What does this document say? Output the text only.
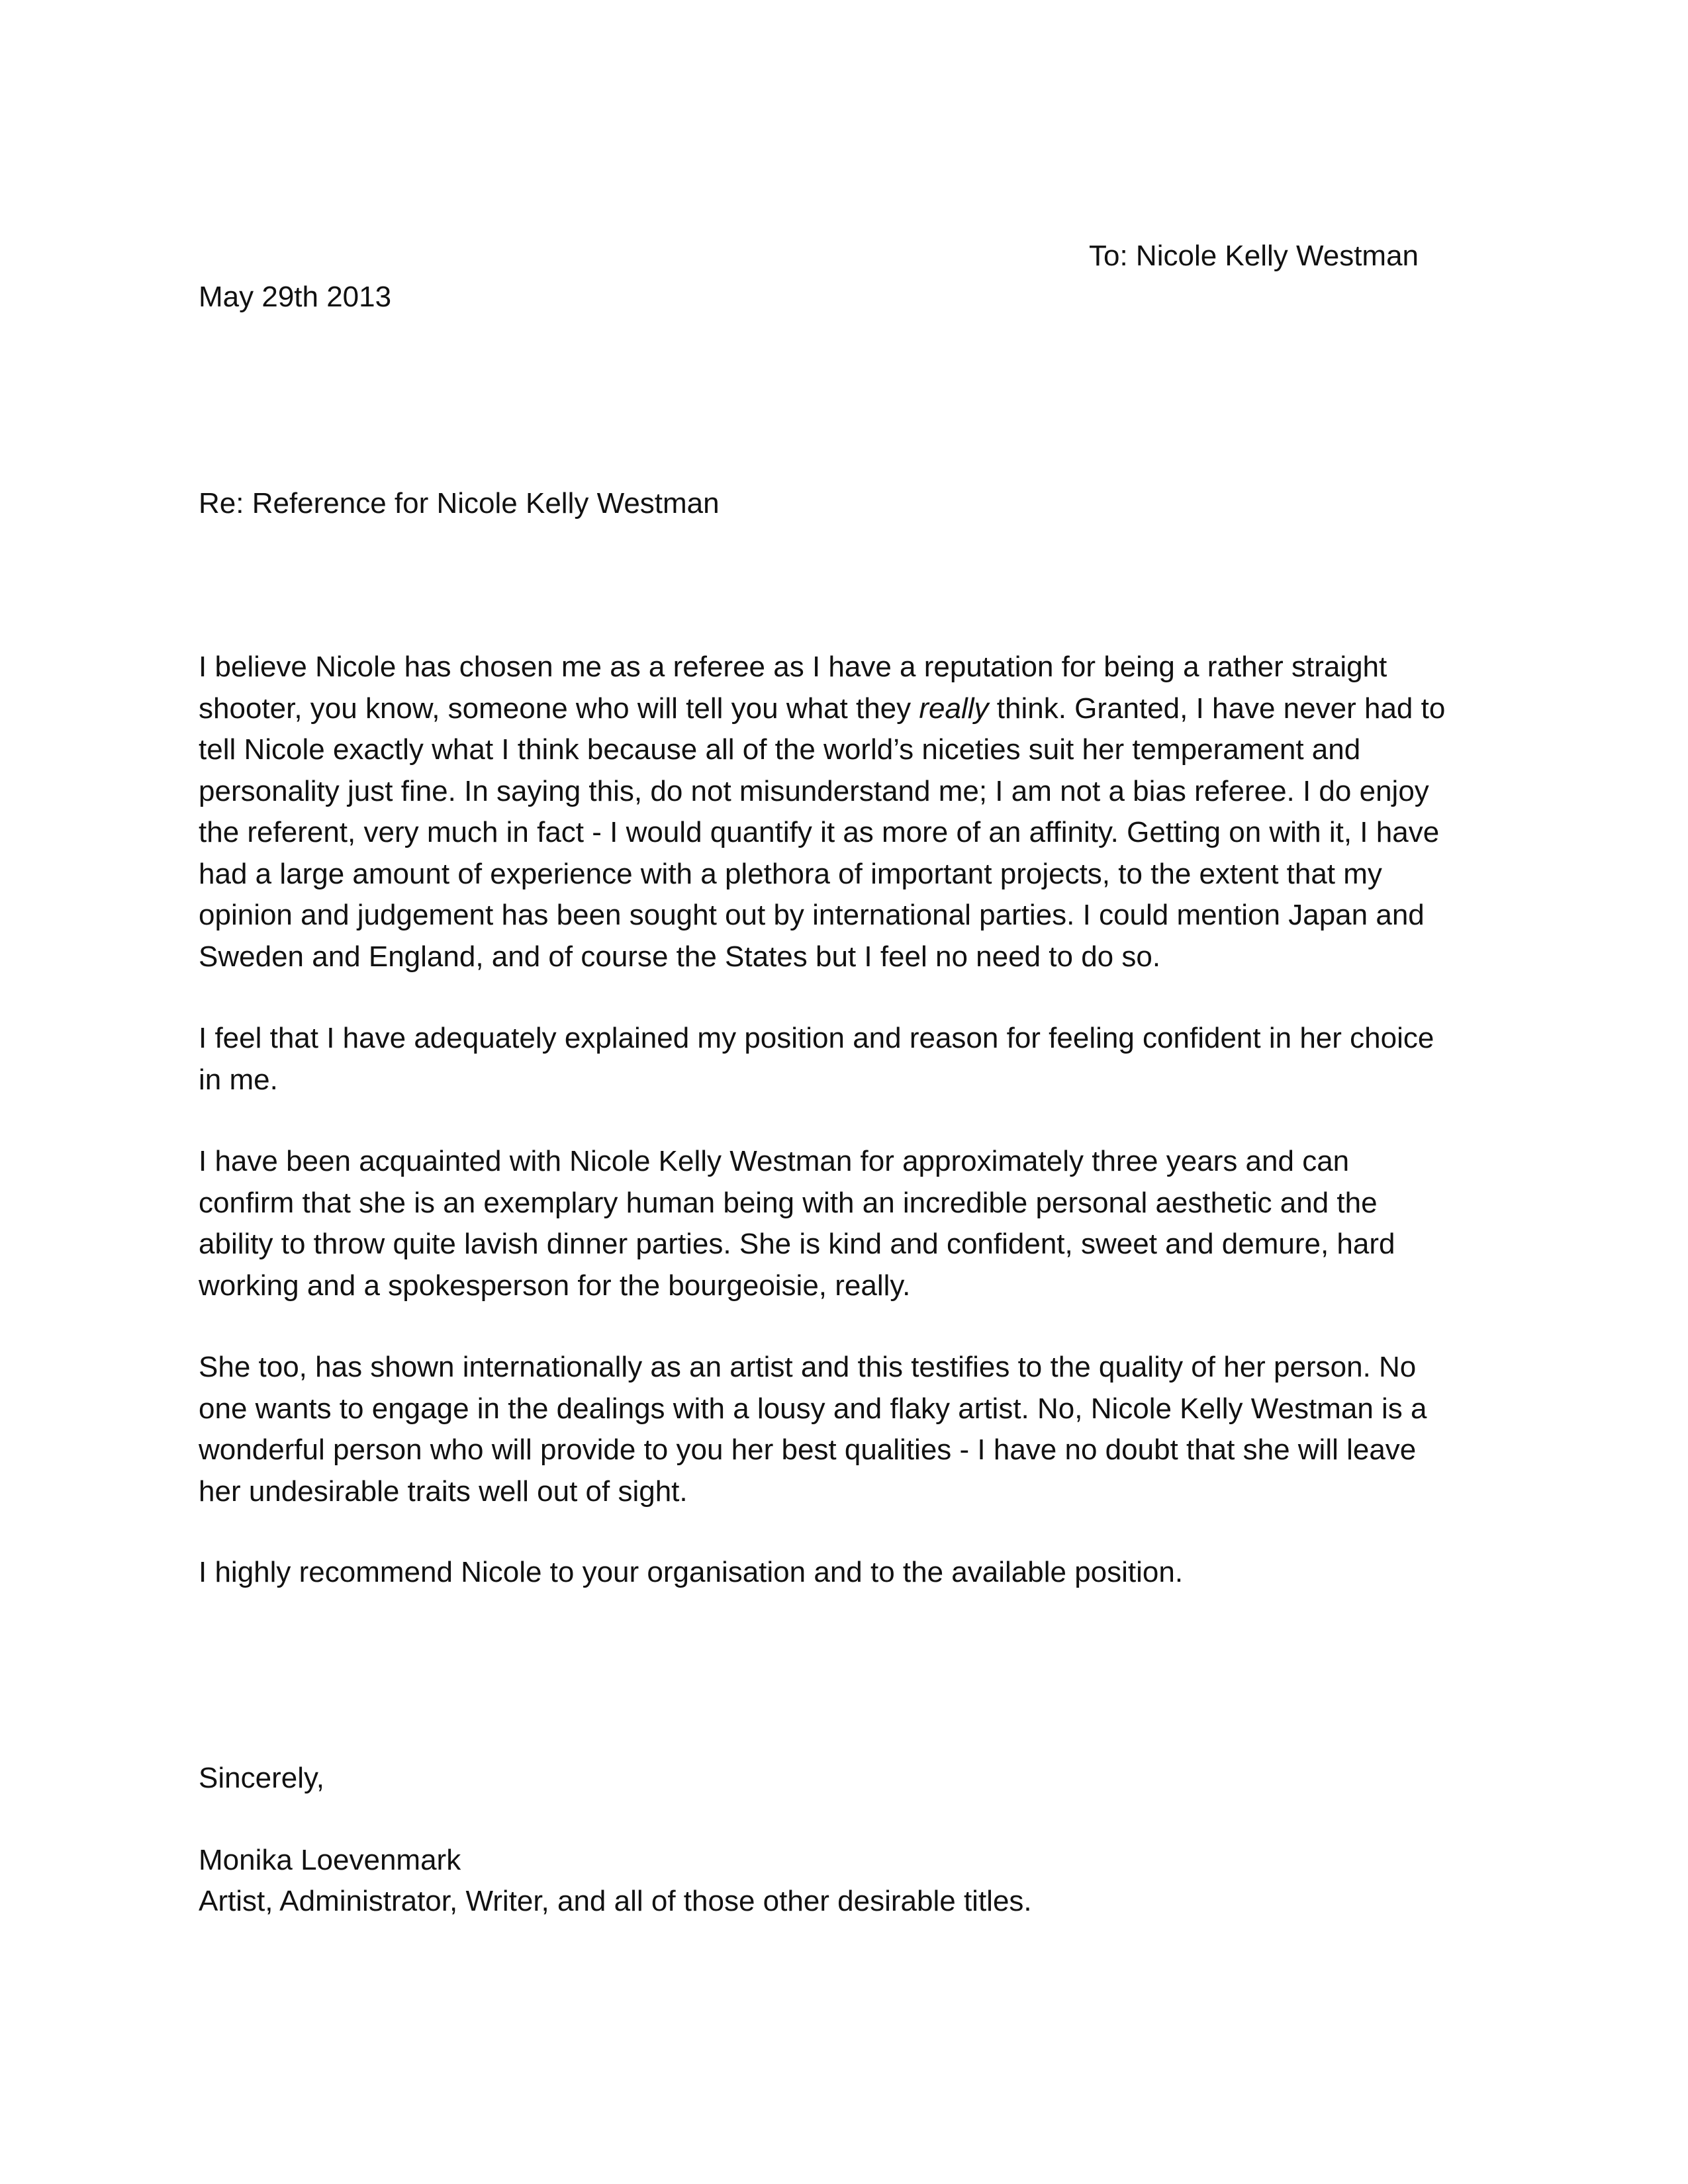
To: Nicole Kelly Westman
May 29th 2013
Re: Reference for Nicole Kelly Westman
I believe Nicole has chosen me as a referee as I have a reputation for being a rather straight
shooter, you know, someone who will tell you what they really think. Granted, I have never had to
tell Nicole exactly what I think because all of the world’s niceties suit her temperament and
personality just fine. In saying this, do not misunderstand me; I am not a bias referee. I do enjoy
the referent, very much in fact - I would quantify it as more of an affinity. Getting on with it, I have
had a large amount of experience with a plethora of important projects, to the extent that my
opinion and judgement has been sought out by international parties. I could mention Japan and
Sweden and England, and of course the States but I feel no need to do so.
I feel that I have adequately explained my position and reason for feeling confident in her choice
in me.
I have been acquainted with Nicole Kelly Westman for approximately three years and can
confirm that she is an exemplary human being with an incredible personal aesthetic and the
ability to throw quite lavish dinner parties. She is kind and confident, sweet and demure, hard
working and a spokesperson for the bourgeoisie, really.
She too, has shown internationally as an artist and this testifies to the quality of her person. No
one wants to engage in the dealings with a lousy and flaky artist. No, Nicole Kelly Westman is a
wonderful person who will provide to you her best qualities - I have no doubt that she will leave
her undesirable traits well out of sight.
I highly recommend Nicole to your organisation and to the available position.
Sincerely,
Monika Loevenmark
Artist, Administrator, Writer, and all of those other desirable titles.
